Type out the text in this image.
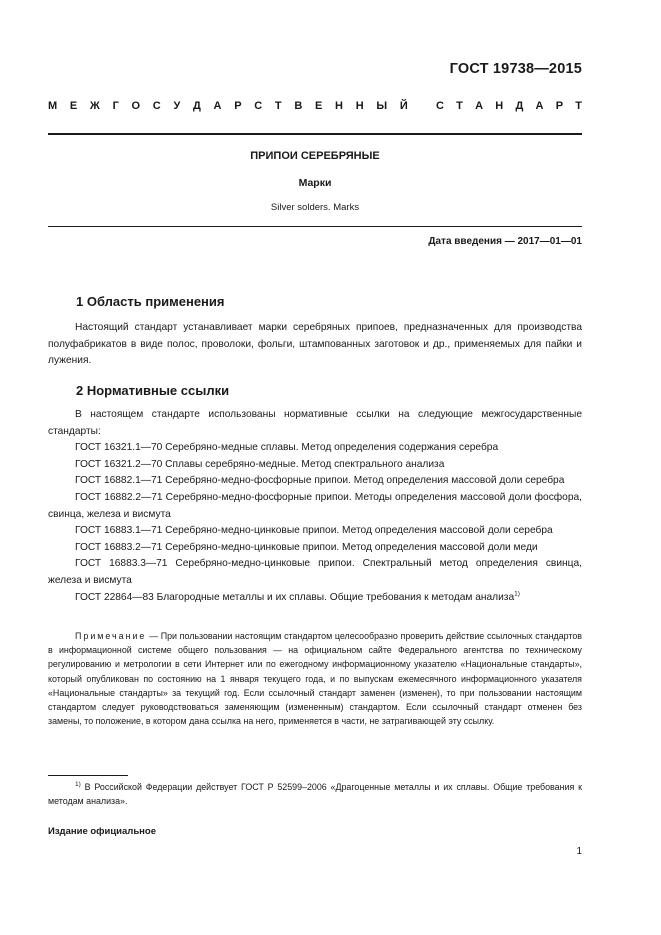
ГОСТ 19738—2015
М Е Ж Г О С У Д А Р С Т В Е Н Н Ы Й	С Т А Н Д А Р Т
ПРИПОИ СЕРЕБРЯНЫЕ
Марки
Silver solders. Marks
Дата введения — 2017—01—01
1 Область применения

Настоящий стандарт устанавливает марки серебряных припоев, предназначенных для производства полуфабрикатов в виде полос, проволоки, фольги, штампованных заготовок и др., применяемых для пайки и лужения.

2 Нормативные ссылки

В настоящем стандарте использованы нормативные ссылки на следующие межгосударственные стандарты:

ГОСТ 16321.1—70 Серебряно-медные сплавы. Метод определения содержания серебра

ГОСТ 16321.2—70 Сплавы серебряно-медные. Метод спектрального анализа

ГОСТ 16882.1—71 Серебряно-медно-фосфорные припои. Метод определения массовой доли серебра

ГОСТ 16882.2—71 Серебряно-медно-фосфорные припои. Методы определения массовой доли фосфора, свинца, железа и висмута

ГОСТ 16883.1—71 Серебряно-медно-цинковые припои. Метод определения массовой доли серебра

ГОСТ 16883.2—71 Серебряно-медно-цинковые припои. Метод определения массовой доли меди

ГОСТ 16883.3—71 Серебряно-медно-цинковые припои. Спектральный метод определения свинца, железа и висмута

ГОСТ 22864—83 Благородные металлы и их сплавы. Общие требования к методам анализа$^{1)}$

Примечание — При пользовании настоящим стандартом целесообразно проверить действие ссылочных стандартов в информационной системе общего пользования — на официальном сайте Федерального агентства по техническому регулированию и метрологии в сети Интернет или по ежегодному информационному указателю «Национальные стандарты», который опубликован по состоянию на 1 января текущего года, и по выпускам ежемесячного информационного указателя «Национальные стандарты» за текущий год. Если ссылочный стандарт заменен (изменен), то при пользовании настоящим стандартом следует руководствоваться заменяющим (измененным) стандартом. Если ссылочный стандарт отменен без замены, то положение, в котором дана ссылка на него, применяется в части, не затрагивающей эту ссылку.

$^{1)}$ В Российской Федерации действует ГОСТ Р 52599–2006 «Драгоценные металлы и их сплавы. Общие требования к методам анализа».

Издание официальное
1
